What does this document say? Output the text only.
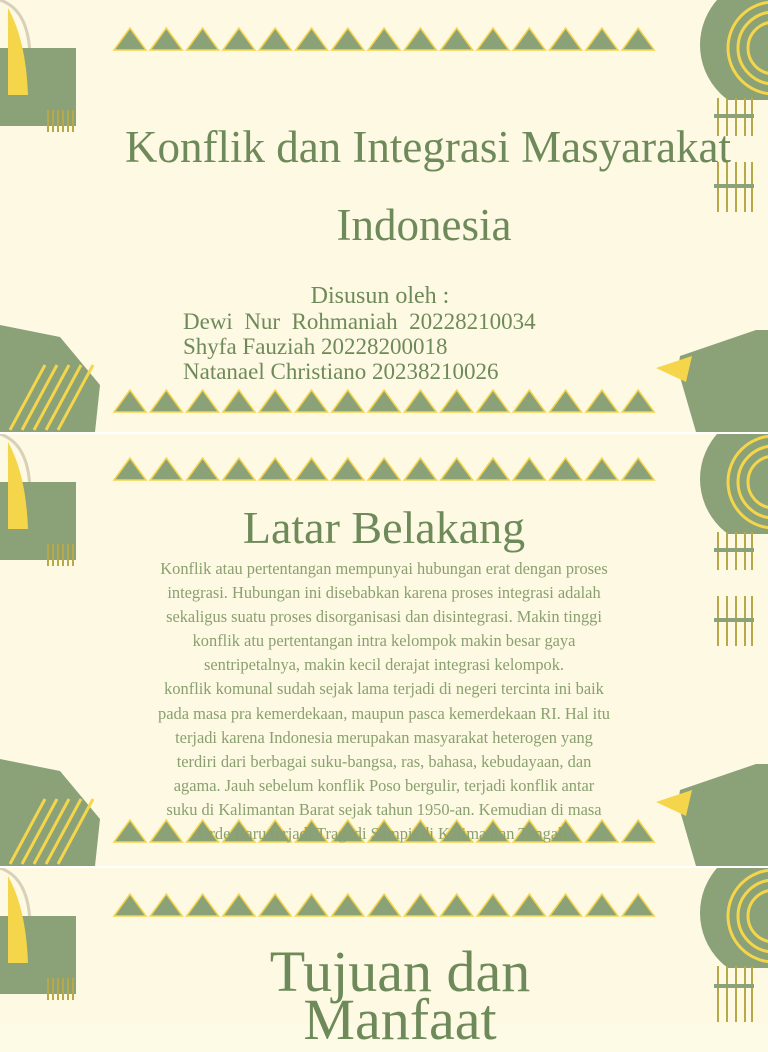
Konflik dan Integrasi Masyarakat
Indonesia
Disusun oleh :
Dewi  Nur  Rohmaniah  20228210034
Shyfa Fauziah 20228200018
Natanael Christiano 20238210026
Latar Belakang
Konflik atau pertentangan mempunyai hubungan erat dengan proses
integrasi. Hubungan ini disebabkan karena proses integrasi adalah
sekaligus suatu proses disorganisasi dan disintegrasi. Makin tinggi
konflik atu pertentangan intra kelompok makin besar gaya
sentripetalnya, makin kecil derajat integrasi kelompok.
konflik komunal sudah sejak lama terjadi di negeri tercinta ini baik
pada masa pra kemerdekaan, maupun pasca kemerdekaan RI. Hal itu
terjadi karena Indonesia merupakan masyarakat heterogen yang
terdiri dari berbagai suku-bangsa, ras, bahasa, kebudayaan, dan
agama. Jauh sebelum konflik Poso bergulir, terjadi konflik antar
suku di Kalimantan Barat sejak tahun 1950-an. Kemudian di masa
Orde Baru terjadi Tragedi Sampit di Kalimantan Tengah.
Tujuan dan
Manfaat
